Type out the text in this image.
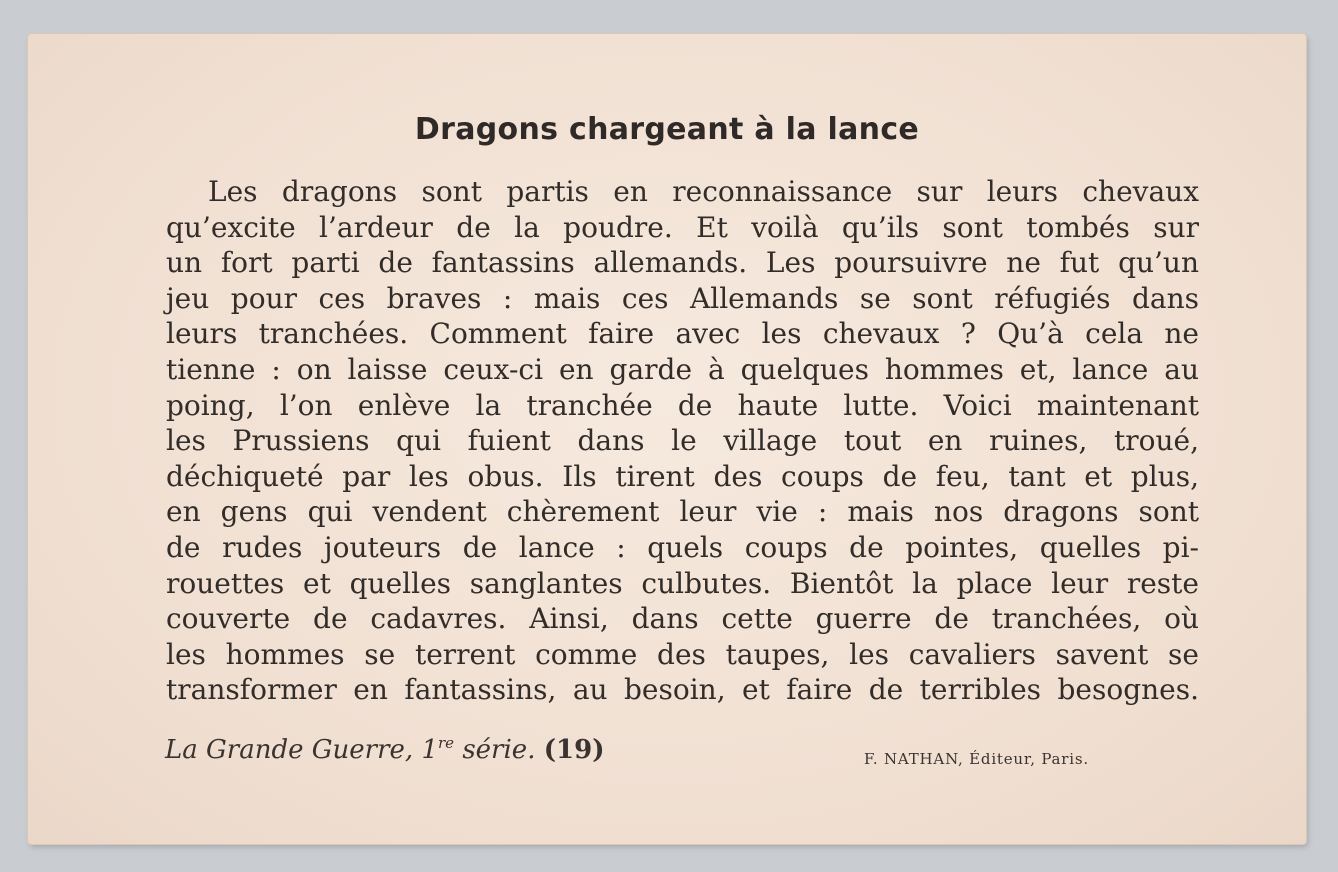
Dragons chargeant à la lance
Les dragons sont partis en reconnaissance sur leurs chevaux
qu’excite l’ardeur de la poudre. Et voilà qu’ils sont tombés sur
un fort parti de fantassins allemands. Les poursuivre ne fut qu’un
jeu pour ces braves : mais ces Allemands se sont réfugiés dans
leurs tranchées. Comment faire avec les chevaux ? Qu’à cela ne
tienne : on laisse ceux-ci en garde à quelques hommes et, lance au
poing, l’on enlève la tranchée de haute lutte. Voici maintenant
les Prussiens qui fuient dans le village tout en ruines, troué,
déchiqueté par les obus. Ils tirent des coups de feu, tant et plus,
en gens qui vendent chèrement leur vie : mais nos dragons sont
de rudes jouteurs de lance : quels coups de pointes, quelles pi-
rouettes et quelles sanglantes culbutes. Bientôt la place leur reste
couverte de cadavres. Ainsi, dans cette guerre de tranchées, où
les hommes se terrent comme des taupes, les cavaliers savent se
transformer en fantassins, au besoin, et faire de terribles besognes.
La Grande Guerre, 1re série. (19)	F. NATHAN, Éditeur, Paris.
